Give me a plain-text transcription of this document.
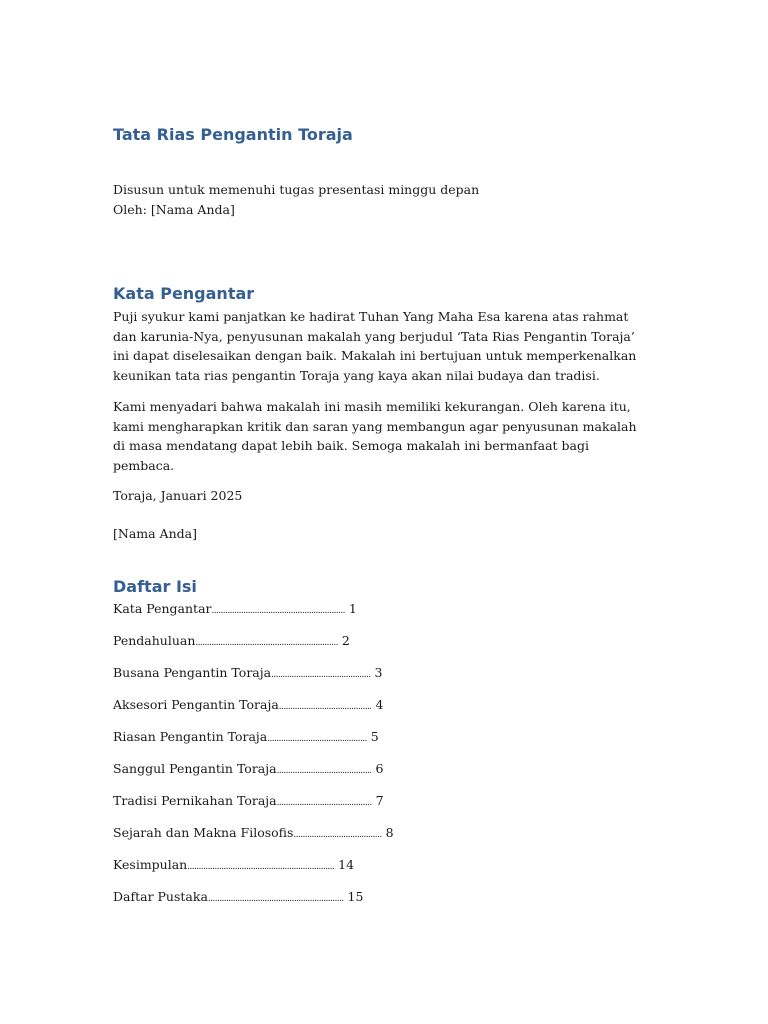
Tata Rias Pengantin Toraja

Disusun untuk memenuhi tugas presentasi minggu depan

Oleh: [Nama Anda]

Kata Pengantar

Puji syukur kami panjatkan ke hadirat Tuhan Yang Maha Esa karena atas rahmat dan karunia-Nya, penyusunan makalah yang berjudul ‘Tata Rias Pengantin Toraja’ ini dapat diselesaikan dengan baik. Makalah ini bertujuan untuk memperkenalkan keunikan tata rias pengantin Toraja yang kaya akan nilai budaya dan tradisi.

Kami menyadari bahwa makalah ini masih memiliki kekurangan. Oleh karena itu, kami mengharapkan kritik dan saran yang membangun agar penyusunan makalah di masa mendatang dapat lebih baik. Semoga makalah ini bermanfaat bagi pembaca.

Toraja, Januari 2025

[Nama Anda]

Daftar Isi

Kata Pengantar........................................................... 1

Pendahuluan............................................................... 2

Busana Pengantin Toraja............................................ 3

Aksesori Pengantin Toraja......................................... 4

Riasan Pengantin Toraja............................................ 5

Sanggul Pengantin Toraja.......................................... 6

Tradisi Pernikahan Toraja.......................................... 7

Sejarah dan Makna Filosofis....................................... 8

Kesimpulan................................................................. 14

Daftar Pustaka............................................................ 15
